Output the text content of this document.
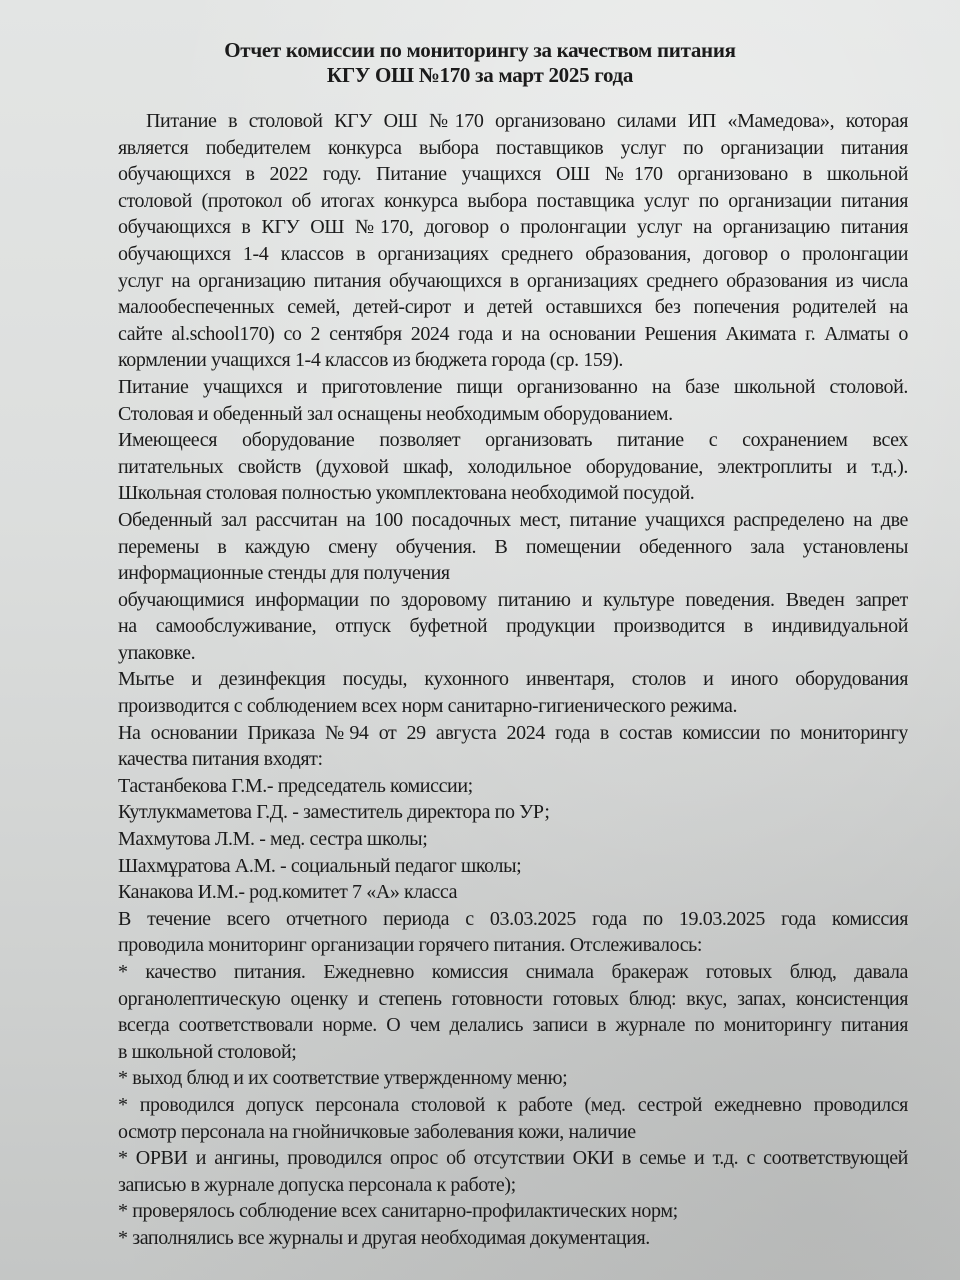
Отчет комиссии по мониторингу за качеством питания
КГУ ОШ №170 за март 2025 года
Питание в столовой КГУ ОШ №170 организовано силами ИП «Мамедова», которая
является победителем конкурса выбора поставщиков услуг по организации питания
обучающихся в 2022 году. Питание учащихся ОШ №170 организовано в школьной
столовой (протокол об итогах конкурса выбора поставщика услуг по организации питания
обучающихся в КГУ ОШ №170, договор о пролонгации услуг на организацию питания
обучающихся 1-4 классов в организациях среднего образования, договор о пролонгации
услуг на организацию питания обучающихся в организациях среднего образования из числа
малообеспеченных семей, детей-сирот и детей оставшихся без попечения родителей на
сайте al.school170) со 2 сентября 2024 года и на основании Решения Акимата г. Алматы о
кормлении учащихся 1-4 классов из бюджета города (ср. 159).
Питание учащихся и приготовление пищи организованно на базе школьной столовой.
Столовая и обеденный зал оснащены необходимым оборудованием.
Имеющееся оборудование позволяет организовать питание с сохранением всех
питательных свойств (духовой шкаф, холодильное оборудование, электроплиты и т.д.).
Школьная столовая полностью укомплектована необходимой посудой.
Обеденный зал рассчитан на 100 посадочных мест, питание учащихся распределено на две
перемены в каждую смену обучения. В помещении обеденного зала установлены
информационные стенды для получения
обучающимися информации по здоровому питанию и культуре поведения. Введен запрет
на самообслуживание, отпуск буфетной продукции производится в индивидуальной
упаковке.
Мытье и дезинфекция посуды, кухонного инвентаря, столов и иного оборудования
производится с соблюдением всех норм санитарно-гигиенического режима.
На основании Приказа №94 от 29 августа 2024 года в состав комиссии по мониторингу
качества питания входят:
Тастанбекова Г.М.- председатель комиссии;
Кутлукмаметова Г.Д. - заместитель директора по УР;
Махмутова Л.М. - мед. сестра школы;
Шахмұратова А.М. - социальный педагог школы;
Канакова И.М.- род.комитет 7 «А» класса
В течение всего отчетного периода с 03.03.2025 года по 19.03.2025 года комиссия
проводила мониторинг организации горячего питания. Отслеживалось:
* качество питания. Ежедневно комиссия снимала бракераж готовых блюд, давала
органолептическую оценку и степень готовности готовых блюд: вкус, запах, консистенция
всегда соответствовали норме. О чем делались записи в журнале по мониторингу питания
в школьной столовой;
* выход блюд и их соответствие утвержденному меню;
* проводился допуск персонала столовой к работе (мед. сестрой ежедневно проводился
осмотр персонала на гнойничковые заболевания кожи, наличие
* ОРВИ и ангины, проводился опрос об отсутствии ОКИ в семье и т.д. с соответствующей
записью в журнале допуска персонала к работе);
* проверялось соблюдение всех санитарно-профилактических норм;
* заполнялись все журналы и другая необходимая документация.
